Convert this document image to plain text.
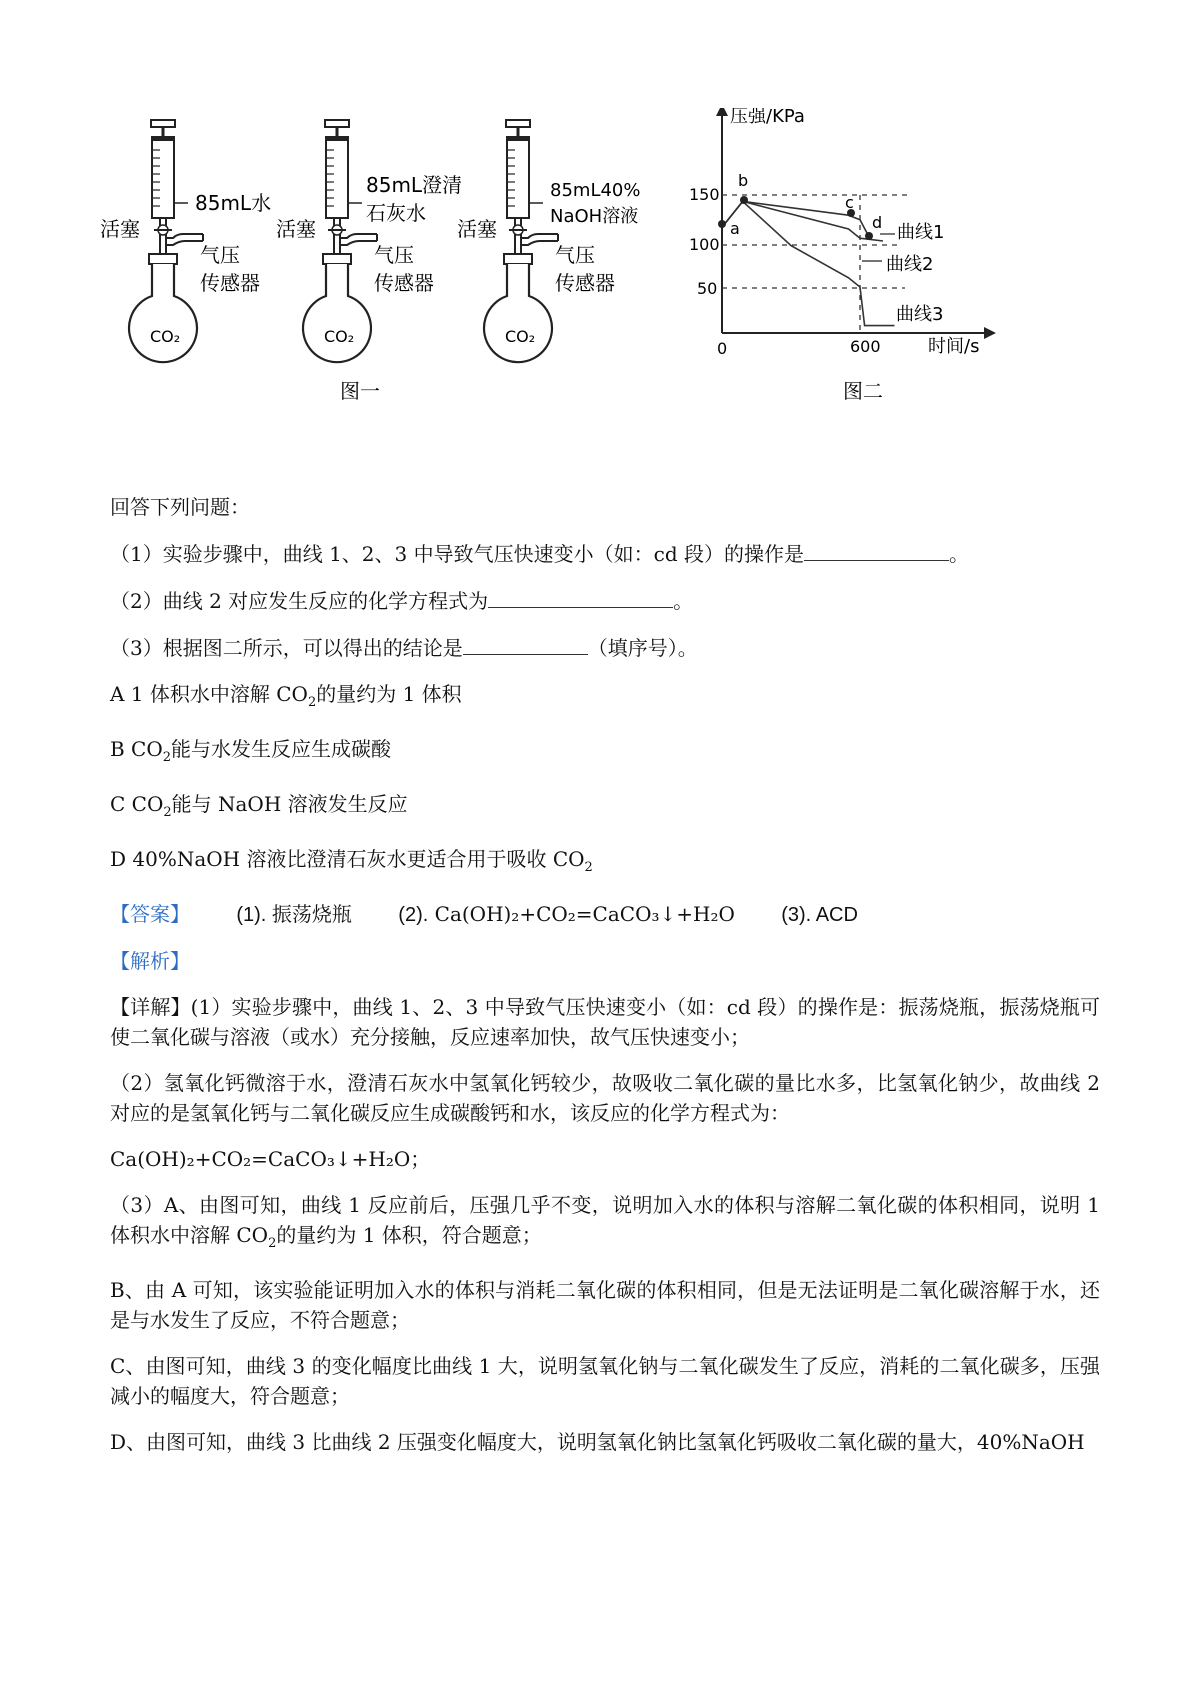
85mL水
活塞
气压
传感器
CO₂
85mL澄清
石灰水
活塞
气压
传感器
CO₂
85mL40%
NaOH溶液
活塞
气压
传感器
CO₂
图一
压强/KPa
时间/s
0
150
100
50
600
a
b
c
d 曲线1
曲线2
曲线3
图二

回答下列问题：

（1）实验步骤中，曲线 1、2、3 中导致气压快速变小（如：cd 段）的操作是	。

（2）曲线 2 对应发生反应的化学方程式为	。

（3）根据图二所示，可以得出的结论是	（填序号）。

A 1 体积水中溶解 $CO_2$的量约为 1 体积

B $CO_2$能与水发生反应生成碳酸

C $CO_2$能与 NaOH 溶液发生反应

D 40%NaOH 溶液比澄清石灰水更适合用于吸收 $CO_2$

【答案】 (1). 振荡烧瓶 (2). Ca(OH)₂+CO₂=CaCO₃↓+H₂O (3). ACD

【解析】

【详解】(1）实验步骤中，曲线 1、2、3 中导致气压快速变小（如：cd 段）的操作是：振荡烧瓶，振荡烧瓶可使二氧化碳与溶液（或水）充分接触，反应速率加快，故气压快速变小；

（2）氢氧化钙微溶于水，澄清石灰水中氢氧化钙较少，故吸收二氧化碳的量比水多，比氢氧化钠少，故曲线 2 对应的是氢氧化钙与二氧化碳反应生成碳酸钙和水，该反应的化学方程式为：

Ca(OH)₂+CO₂=CaCO₃↓+H₂O；

（3）A、由图可知，曲线 1 反应前后，压强几乎不变，说明加入水的体积与溶解二氧化碳的体积相同，说明 1 体积水中溶解 $CO_2$的量约为 1 体积，符合题意；

B、由 A 可知，该实验能证明加入水的体积与消耗二氧化碳的体积相同，但是无法证明是二氧化碳溶解于水，还是与水发生了反应，不符合题意；

C、由图可知，曲线 3 的变化幅度比曲线 1 大，说明氢氧化钠与二氧化碳发生了反应，消耗的二氧化碳多，压强减小的幅度大，符合题意；

D、由图可知，曲线 3 比曲线 2 压强变化幅度大，说明氢氧化钠比氢氧化钙吸收二氧化碳的量大，40%NaOH
